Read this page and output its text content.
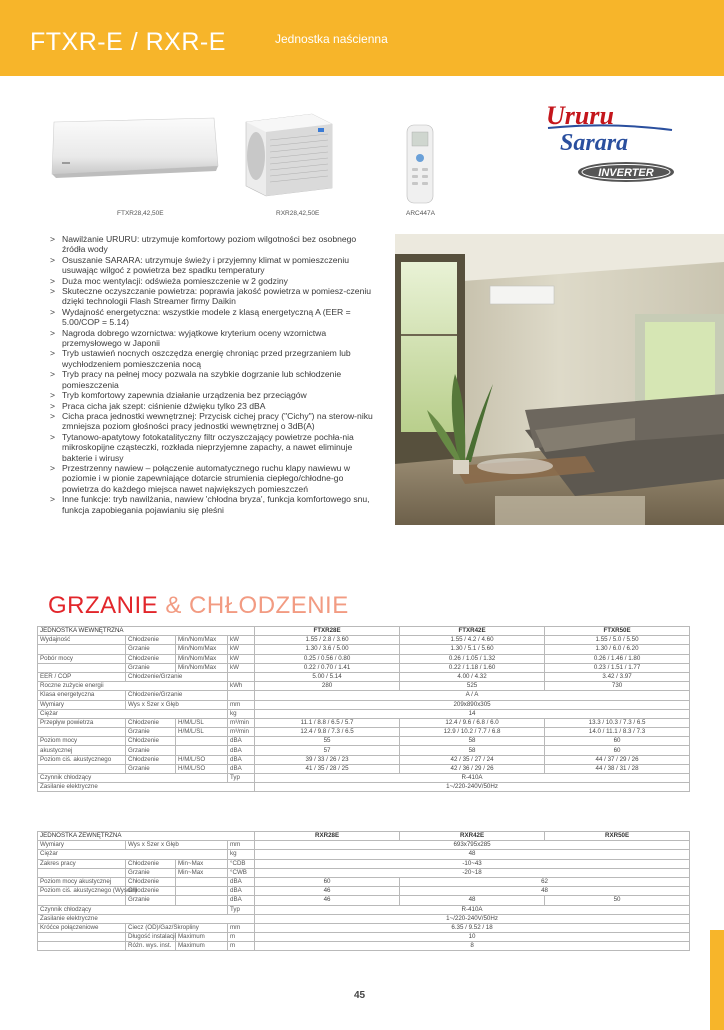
FTXR-E / RXR-E	Jednostka naścienna
FTXR28,42,50E	RXR28,42,50E	ARC447A
Ururu
Sarara
INVERTER
> Nawilżanie URURU: utrzymuje komfortowy poziom wilgotności bez osobnego źródła wody
> Osuszanie SARARA: utrzymuje świeży i przyjemny klimat w pomieszczeniu usuwając wilgoć z powietrza bez spadku temperatury
> Duża moc wentylacji: odświeża pomieszczenie w 2 godziny
> Skuteczne oczyszczanie powietrza: poprawia jakość powietrza w pomiesz-czeniu dzięki technologii Flash Streamer firmy Daikin
> Wydajność energetyczna: wszystkie modele z klasą energetyczną A (EER = 5.00/COP = 5.14)
> Nagroda dobrego wzornictwa: wyjątkowe kryterium oceny wzornictwa przemysłowego w Japonii
> Tryb ustawień nocnych oszczędza energię chroniąc przed przegrzaniem lub wychłodzeniem pomieszczenia nocą
> Tryb pracy na pełnej mocy pozwala na szybkie dogrzanie lub schłodzenie pomieszczenia
> Tryb komfortowy zapewnia działanie urządzenia bez przeciągów
> Praca cicha jak szept: ciśnienie dźwięku tylko 23 dBA
> Cicha praca jednostki wewnętrznej: Przycisk cichej pracy ("Cichy") na sterow-niku zmniejsza poziom głośności pracy jednostki wewnętrznej o 3dB(A)
> Tytanowo-apatytowy fotokatalityczny filtr oczyszczający powietrze pochła-nia mikroskopijne cząsteczki, rozkłada nieprzyjemne zapachy, a nawet eliminuje bakterie i wirusy
> Przestrzenny nawiew – połączenie automatycznego ruchu klapy nawiewu w poziomie i w pionie zapewniające dotarcie strumienia ciepłego/chłodne-go powietrza do każdego miejsca nawet największych pomieszczeń
> Inne funkcje: tryb nawilżania, nawiew 'chłodna bryza', funkcja komfortowego snu, funkcja zapobiegania pojawianiu się pleśni
GRZANIE & CHŁODZENIE
JEDNOSTKA WEWNĘTRZNA				FTXR28E	FTXR42E	FTXR50E
Wydajność	Chłodzenie	Min/Nom/Max	kW	1.55 / 2.8 / 3.60	1.55 / 4.2 / 4.60	1.55 / 5.0 / 5.50
	Grzanie	Min/Nom/Max	kW	1.30 / 3.6 / 5.00	1.30 / 5.1 / 5.60	1.30 / 6.0 / 6.20
Pobór mocy	Chłodzenie	Min/Nom/Max	kW	0.25 / 0.56 / 0.80	0.26 / 1.05 / 1.32	0.26 / 1.46 / 1.80
	Grzanie	Min/Nom/Max	kW	0.22 / 0.70 / 1.41	0.22 / 1.18 / 1.60	0.23 / 1.51 / 1.77
EER / COP	Chłodzenie/Grzanie			5.00 / 5.14	4.00 / 4.32	3.42 / 3.97
Roczne zużycie energii			kWh	280	525	730
Klasa energetyczna	Chłodzenie/Grzanie			A / A		
Wymiary	Wys x Szer x Głęb		mm	209x890x305		
Ciężar			kg	14		
Przepływ powietrza	Chłodzenie	H/M/L/SL	m³/min	11.1 / 8.8 / 6.5 / 5.7	12.4 / 9.6 / 6.8 / 6.0	13.3 / 10.3 / 7.3 / 6.5
	Grzanie	H/M/L/SL	m³/min	12.4 / 9.8 / 7.3 / 6.5	12.9 / 10.2 / 7.7 / 6.8	14.0 / 11.1 / 8.3 / 7.3
Poziom mocy	Chłodzenie		dBA	55	58	60
akustycznej	Grzanie		dBA	57	58	60
Poziom ciś. akustycznego	Chłodzenie	H/M/L/SO	dBA	39 / 33 / 26 / 23	42 / 35 / 27 / 24	44 / 37 / 29 / 26
	Grzanie	H/M/L/SO	dBA	41 / 35 / 28 / 25	42 / 36 / 29 / 26	44 / 38 / 31 / 28
Czynnik chłodzący			Typ	R-410A		
Zasilanie elektryczne				1~/220-240V/50Hz		
JEDNOSTKA ZEWNĘTRZNA				RXR28E	RXR42E	RXR50E
Wymiary	Wys x Szer x Głęb		mm	693x795x285		
Ciężar			kg	48		
Zakres pracy	Chłodzenie	Min~Max	°CDB	-10~43		
	Grzanie	Min~Max	°CWB	-20~18		
Poziom mocy akustycznej	Chłodzenie		dBA	60	62	
Poziom ciś. akustycznego (Wysoki)	Chłodzenie		dBA	46	48	
	Grzanie		dBA	46	48	50
Czynnik chłodzący			Typ	R-410A		
Zasilanie elektryczne				1~/220-240V/50Hz		
Króćce połączeniowe	Ciecz (OD)/Gaz/Skropliny		mm	6.35 / 9.52 / 18		
	Długość instalacji	Maximum	m	10		
	Różn. wys. inst.	Maximum	m	8		
45
